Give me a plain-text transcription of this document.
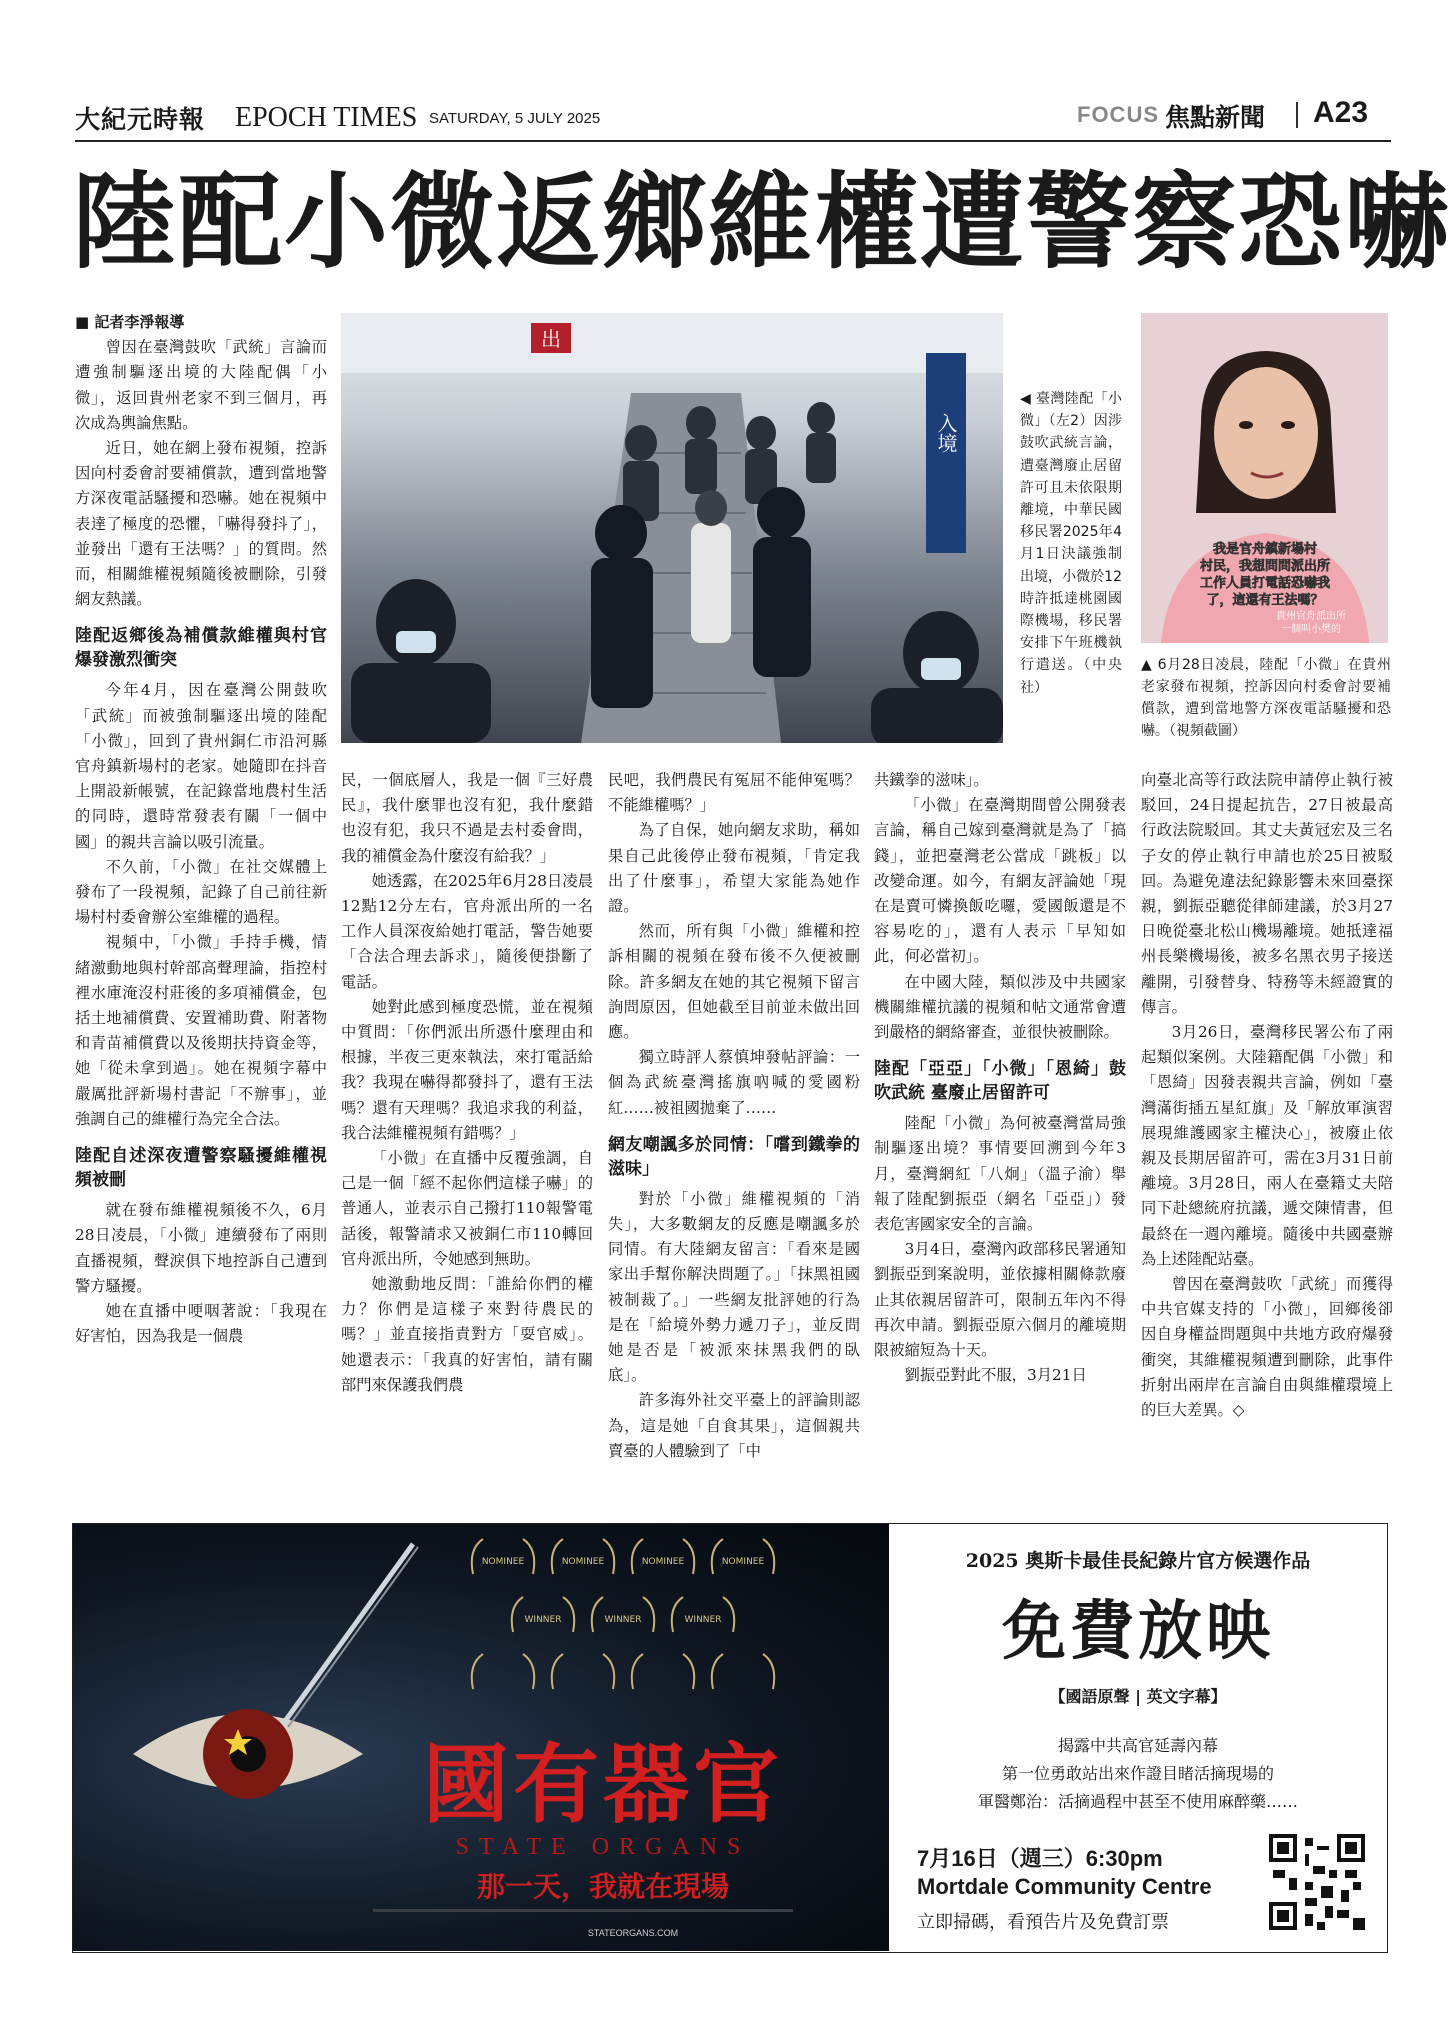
大紀元時報 EPOCH TIMES SATURDAY, 5 JULY 2025	FOCUS 焦點新聞 A23
陸配小微返鄉維權遭警察恐嚇

■ 記者李淨報導

曾因在臺灣鼓吹「武統」言論而遭強制驅逐出境的大陸配偶「小微」，返回貴州老家不到三個月，再次成為輿論焦點。

近日，她在網上發布視頻，控訴因向村委會討要補償款，遭到當地警方深夜電話騷擾和恐嚇。她在視頻中表達了極度的恐懼，「嚇得發抖了」，並發出「還有王法嗎？」的質問。然而，相關維權視頻隨後被刪除，引發網友熱議。

陸配返鄉後為補償款維權與村官爆發激烈衝突

今年4月，因在臺灣公開鼓吹「武統」而被強制驅逐出境的陸配「小微」，回到了貴州銅仁市沿河縣官舟鎮新場村的老家。她隨即在抖音上開設新帳號，在記錄當地農村生活的同時，還時常發表有關「一個中國」的親共言論以吸引流量。

不久前，「小微」在社交媒體上發布了一段視頻，記錄了自己前往新場村村委會辦公室維權的過程。

視頻中，「小微」手持手機，情緒激動地與村幹部高聲理論，指控村裡水庫淹沒村莊後的多項補償金，包括土地補償費、安置補助費、附著物和青苗補償費以及後期扶持資金等，她「從未拿到過」。她在視頻字幕中嚴厲批評新場村書記「不辦事」，並強調自己的維權行為完全合法。

陸配自述深夜遭警察騷擾維權視頻被刪

就在發布維權視頻後不久，6月28日凌晨，「小微」連續發布了兩則直播視頻，聲淚俱下地控訴自己遭到警方騷擾。

她在直播中哽咽著說：「我現在好害怕，因為我是一個農

出
入境
◀ 臺灣陸配「小微」（左2）因涉鼓吹武統言論，遭臺灣廢止居留許可且未依限期離境，中華民國移民署2025年4月1日決議強制出境，小微於12時許抵達桃園國際機場，移民署安排下午班機執行遣送。（中央社）
我是官舟鎮新場村
村民，我想問問派出所
工作人員打電話恐嚇我
了，這還有王法嗎？
貴州官舟派出所
一個叫小樊的
▲ 6月28日凌晨，陸配「小微」在貴州老家發布視頻，控訴因向村委會討要補償款，遭到當地警方深夜電話騷擾和恐嚇。（視頻截圖）

民，一個底層人，我是一個『三好農民』，我什麼罪也沒有犯，我什麼錯也沒有犯，我只不過是去村委會問，我的補償金為什麼沒有給我？」

她透露，在2025年6月28日凌晨12點12分左右，官舟派出所的一名工作人員深夜給她打電話，警告她要「合法合理去訴求」，隨後便掛斷了電話。

她對此感到極度恐慌，並在視頻中質問：「你們派出所憑什麼理由和根據，半夜三更來執法，來打電話給我？我現在嚇得都發抖了，還有王法嗎？還有天理嗎？我追求我的利益，我合法維權視頻有錯嗎？」

「小微」在直播中反覆強調，自己是一個「經不起你們這樣子嚇」的普通人，並表示自己撥打110報警電話後，報警請求又被銅仁市110轉回官舟派出所，令她感到無助。

她激動地反問：「誰給你們的權力？你們是這樣子來對待農民的嗎？」並直接指責對方「耍官威」。她還表示：「我真的好害怕，請有關部門來保護我們農

民吧，我們農民有冤屈不能伸冤嗎？不能維權嗎？」

為了自保，她向網友求助，稱如果自己此後停止發布視頻，「肯定我出了什麼事」，希望大家能為她作證。

然而，所有與「小微」維權和控訴相關的視頻在發布後不久便被刪除。許多網友在她的其它視頻下留言詢問原因，但她截至目前並未做出回應。

獨立時評人蔡慎坤發帖評論：一個為武統臺灣搖旗吶喊的愛國粉紅……被祖國拋棄了……

網友嘲諷多於同情：「嚐到鐵拳的滋味」

對於「小微」維權視頻的「消失」，大多數網友的反應是嘲諷多於同情。有大陸網友留言：「看來是國家出手幫你解決問題了。」「抹黑祖國被制裁了。」一些網友批評她的行為是在「給境外勢力遞刀子」，並反問她是否是「被派來抹黑我們的臥底」。

許多海外社交平臺上的評論則認為，這是她「自食其果」，這個親共賣臺的人體驗到了「中

共鐵拳的滋味」。

「小微」在臺灣期間曾公開發表言論，稱自己嫁到臺灣就是為了「搞錢」，並把臺灣老公當成「跳板」以改變命運。如今，有網友評論她「現在是賣可憐換飯吃囉，愛國飯還是不容易吃的」，還有人表示「早知如此，何必當初」。

在中國大陸，類似涉及中共國家機關維權抗議的視頻和帖文通常會遭到嚴格的網絡審查，並很快被刪除。

陸配「亞亞」「小微」「恩綺」鼓吹武統 臺廢止居留許可

陸配「小微」為何被臺灣當局強制驅逐出境？事情要回溯到今年3月，臺灣網紅「八炯」（溫子渝）舉報了陸配劉振亞（網名「亞亞」）發表危害國家安全的言論。

3月4日，臺灣內政部移民署通知劉振亞到案說明，並依據相關條款廢止其依親居留許可，限制五年內不得再次申請。劉振亞原六個月的離境期限被縮短為十天。

劉振亞對此不服，3月21日

向臺北高等行政法院申請停止執行被駁回，24日提起抗告，27日被最高行政法院駁回。其丈夫黃冠宏及三名子女的停止執行申請也於25日被駁回。為避免違法紀錄影響未來回臺探親，劉振亞聽從律師建議，於3月27日晚從臺北松山機場離境。她抵達福州長樂機場後，被多名黑衣男子接送離開，引發替身、特務等未經證實的傳言。

3月26日，臺灣移民署公布了兩起類似案例。大陸籍配偶「小微」和「恩綺」因發表親共言論，例如「臺灣滿街插五星紅旗」及「解放軍演習展現維護國家主權決心」，被廢止依親及長期居留許可，需在3月31日前離境。3月28日，兩人在臺籍丈夫陪同下赴總統府抗議，遞交陳情書，但最終在一週內離境。隨後中共國臺辦為上述陸配站臺。

曾因在臺灣鼓吹「武統」而獲得中共官媒支持的「小微」，回鄉後卻因自身權益問題與中共地方政府爆發衝突，其維權視頻遭到刪除，此事件折射出兩岸在言論自由與維權環境上的巨大差異。◇

NOMINEE	NOMINEE	NOMINEE	NOMINEE
WINNER	WINNER	WINNER
國有器官
STATE ORGANS
那一天，我就在現場
STATEORGANS.COM
2025 奧斯卡最佳長紀錄片官方候選作品
免費放映
【國語原聲 | 英文字幕】
揭露中共高官延壽內幕
第一位勇敢站出來作證目睹活摘現場的
軍醫鄭治：活摘過程中甚至不使用麻醉藥……
7月16日（週三）6:30pm
Mortdale Community Centre
立即掃碼，看預告片及免費訂票
